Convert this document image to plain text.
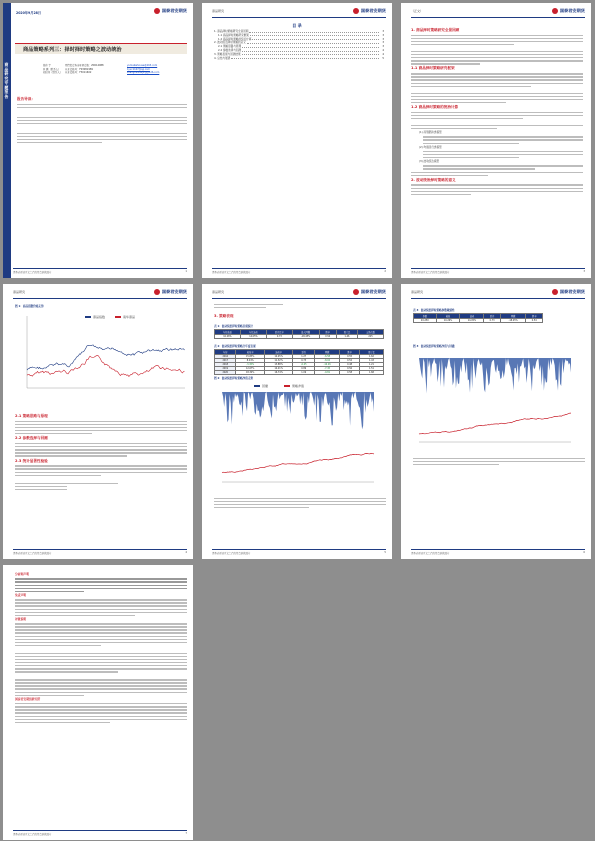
商品研究专题报告
2020年9月28日	国泰君安期货
商品策略系列三：择时择时策略之波动统治
张伟 宇	期货投资咨询业务资格：Z0014088	yumaikehouse@163.com
崔 鹏（联系人）	从业资格号：F03081989	liyuc1167@qq.com
刘世伟（联系人）	从业资格号：F3011602	zhangcaixuejing@126.com
报告导读：
请务必阅读正文之后的免责条款部分	1
商品研究	国泰君安期货
目 录
1. 商品择时策略研究全景回顾	3
1.1 商品择时策略研究框架	3
1.2 商品择时策略的统治计算	3
2. 波动统治择时策略的意义	3
2.1 策略思路与原理	3
2.2 参数选择与回测	4
3. 策略表现与回测结果	4
4. 总结与展望	5
请务必阅读正文之后的免责条款部分	2
（正文）	国泰君安期货
1. 商品择时策略研究全景回顾
1.1 商品择时策略研究框架
1.2 商品择时策略的统治计算
(1) 趋势跟踪类模型
(2) 均值回归类模型
(3) 波动统治模型
2. 波动统治择时策略的意义
请务必阅读正文之后的免责条款部分	3
商品研究	国泰君安期货
图 1：商品指数价格走势
商品指数	南华商品
2.1 策略思路与原理
2.2 参数选择与回测
2.3 统计显著性检验
请务必阅读正文之后的免责条款部分	4
商品研究	国泰君安期货
3. 策略表现
表 1：波动统治择时策略表现统计
年化收益	年化波动	夏普比率	最大回撤	胜率	盈亏比	交易次数
10.26%	14.05%	0.73	-18.45%	0.54	1.46	225
表 2：波动统治择时策略分年度表现
年份	收益率	波动率	夏普	回撤	胜率	盈亏比
2016	15.83%	12.45%	1.27	-6.58	0.55	1.62
2017	8.24%	11.32%	0.73	-8.02	0.52	1.43
2018	-3.45%	13.88%	-0.25	-10.26	0.48	1.21
2019	12.67%	14.21%	0.89	-7.45	0.56	1.51
2020	18.32%	16.74%	1.09	-9.81	0.58	1.68
图 2：波动统治择时策略净值走势
回撤	策略净值
请务必阅读正文之后的免责条款部分	5
商品研究	国泰君安期货
表 3：波动统治择时策略参数敏感性
参数	收益	波动	夏普	回撤	胜率
20-250	10.26%	14.05%	0.73	-18.45%	0.54
图 3：波动统治择时策略净值与回撤
请务必阅读正文之后的免责条款部分	6
分析师声明
免责声明
评级说明
国泰君安期货研究所
请务必阅读正文之后的免责条款部分	7
